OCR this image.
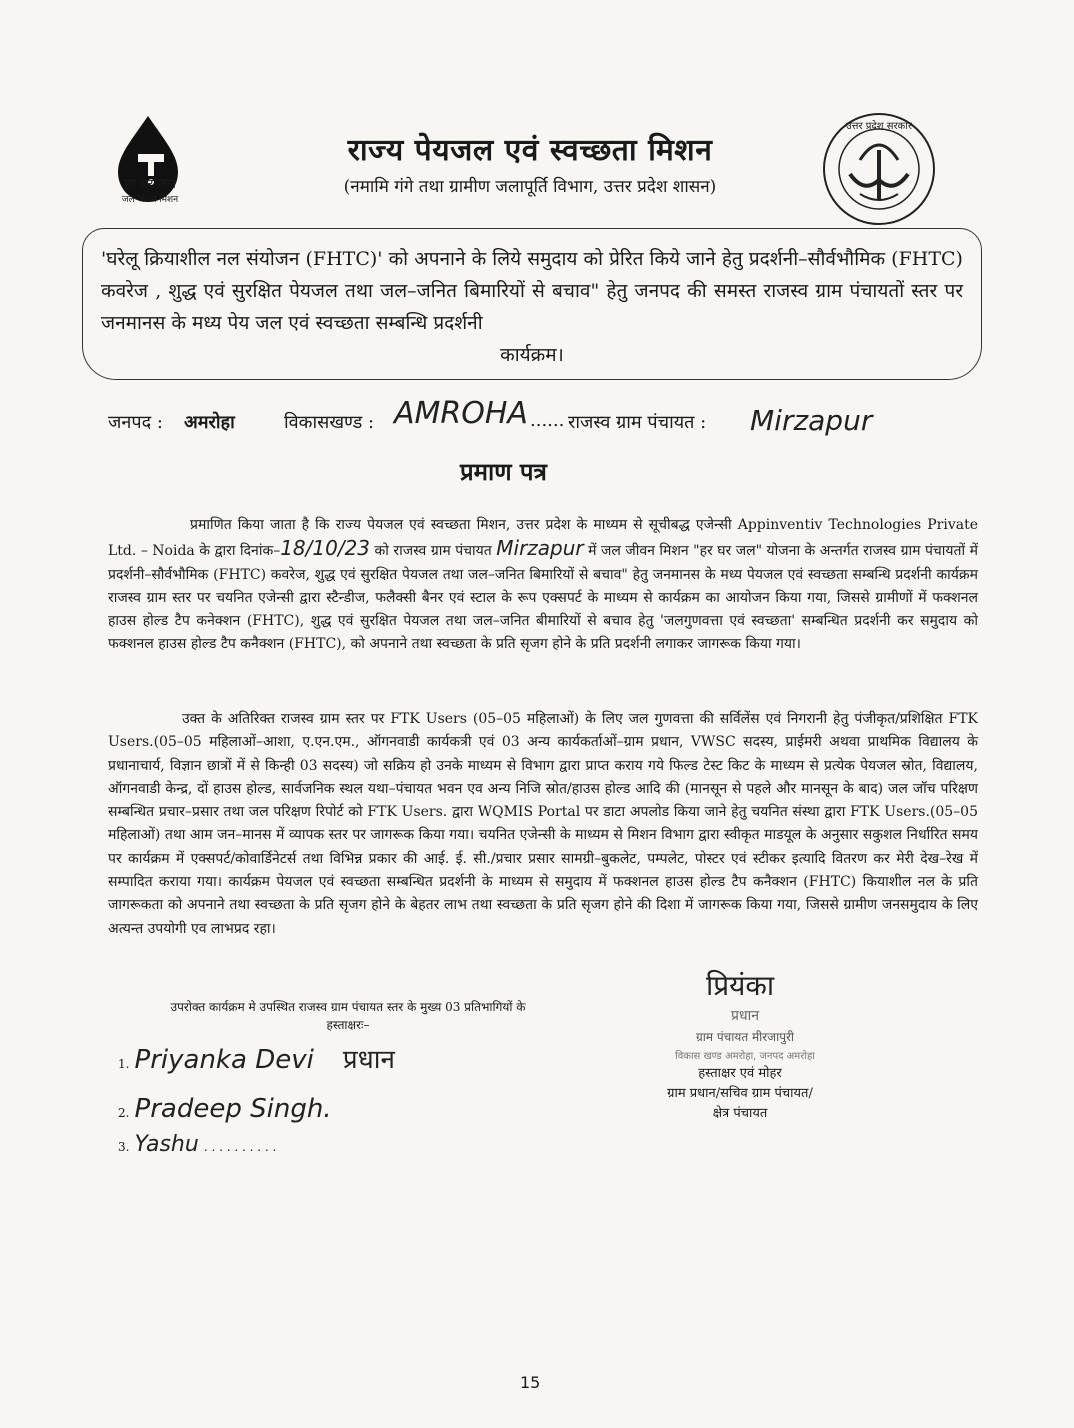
हर घर जल
जल जीवन मिशन
राज्य पेयजल एवं स्वच्छता मिशन
(नमामि गंगे तथा ग्रामीण जलापूर्ति विभाग, उत्तर प्रदेश शासन)
उत्तर प्रदेश सरकार
'घरेलू क्रियाशील नल संयोजन (FHTC)' को अपनाने के लिये समुदाय को प्रेरित किये जाने हेतु प्रदर्शनी–सौर्वभौमिक (FHTC) कवरेज , शुद्ध एवं सुरक्षित पेयजल तथा जल–जनित बिमारियों से बचाव" हेतु जनपद की समस्त राजस्व ग्राम पंचायतों स्तर पर जनमानस के मध्य पेय जल एवं स्वच्छता सम्बन्धि प्रदर्शनी
कार्यक्रम।
जनपद : अमरोहा	विकासखण्ड : AMROHA ...... राजस्व ग्राम पंचायत : Mirzapur
प्रमाण पत्र
प्रमाणित किया जाता है कि राज्य पेयजल एवं स्वच्छता मिशन, उत्तर प्रदेश के माध्यम से सूचीबद्ध एजेन्सी Appinventiv Technologies Private Ltd. – Noida के द्वारा दिनांक–18/10/23 को राजस्व ग्राम पंचायत Mirzapur में जल जीवन मिशन "हर घर जल" योजना के अन्तर्गत राजस्व ग्राम पंचायतों में प्रदर्शनी–सौर्वभौमिक (FHTC) कवरेज, शुद्ध एवं सुरक्षित पेयजल तथा जल–जनित बिमारियों से बचाव" हेतु जनमानस के मध्य पेयजल एवं स्वच्छता सम्बन्धि प्रदर्शनी कार्यक्रम राजस्व ग्राम स्तर पर चयनित एजेन्सी द्वारा स्टैन्डीज, फलैक्सी बैनर एवं स्टाल के रूप एक्सपर्ट के माध्यम से कार्यक्रम का आयोजन किया गया, जिससे ग्रामीणों में फक्शनल हाउस होल्ड टैप कनेक्शन (FHTC), शुद्ध एवं सुरक्षित पेयजल तथा जल–जनित बीमारियों से बचाव हेतु 'जलगुणवत्ता एवं स्वच्छता' सम्बन्धित प्रदर्शनी कर समुदाय को फक्शनल हाउस होल्ड टैप कनैक्शन (FHTC), को अपनाने तथा स्वच्छता के प्रति सृजग होने के प्रति प्रदर्शनी लगाकर जागरूक किया गया।
उक्त के अतिरिक्त राजस्व ग्राम स्तर पर FTK Users (05–05 महिलाओं) के लिए जल गुणवत्ता की सर्विलेंस एवं निगरानी हेतु पंजीकृत/प्रशिक्षित FTK Users.(05–05 महिलाओं–आशा, ए.एन.एम., ऑगनवाडी कार्यकत्री एवं 03 अन्य कार्यकर्ताओं–ग्राम प्रधान, VWSC सदस्य, प्राईमरी अथवा प्राथमिक विद्यालय के प्रधानाचार्य, विज्ञान छात्रों में से किन्ही 03 सदस्य) जो सक्रिय हो उनके माध्यम से विभाग द्वारा प्राप्त कराय गये फिल्ड टेस्ट किट के माध्यम से प्रत्येक पेयजल स्रोत, विद्यालय, ऑगनवाडी केन्द्र, दों हाउस होल्ड, सार्वजनिक स्थल यथा–पंचायत भवन एव अन्य निजि स्रोत/हाउस होल्ड आदि की (मानसून से पहले और मानसून के बाद) जल जॉच परिक्षण सम्बन्धित प्रचार–प्रसार तथा जल परिक्षण रिपोर्ट को FTK Users. द्वारा WQMIS Portal पर डाटा अपलोड किया जाने हेतु चयनित संस्था द्वारा FTK Users.(05–05 महिलाओं) तथा आम जन–मानस में व्यापक स्तर पर जागरूक किया गया। चयनित एजेन्सी के माध्यम से मिशन विभाग द्वारा स्वीकृत माडयूल के अनुसार सकुशल निर्धारित समय पर कार्यक्रम में एक्सपर्ट/कोवार्डिनेटर्स तथा विभिन्न प्रकार की आई. ई. सी./प्रचार प्रसार सामग्री–बुकलेट, पम्पलेट, पोस्टर एवं स्टीकर इत्यादि वितरण कर मेरी देख–रेख में सम्पादित कराया गया। कार्यक्रम पेयजल एवं स्वच्छता सम्बन्धित प्रदर्शनी के माध्यम से समुदाय में फक्शनल हाउस होल्ड टैप कनैक्शन (FHTC) कियाशील नल के प्रति जागरूकता को अपनाने तथा स्वच्छता के प्रति सृजग होने के बेहतर लाभ तथा स्वच्छता के प्रति सृजग होने की दिशा में जागरूक किया गया, जिससे ग्रामीण जनसमुदाय के लिए अत्यन्त उपयोगी एव लाभप्रद रहा।
उपरोक्त कार्यक्रम मे उपस्थित राजस्व ग्राम पंचायत स्तर के मुख्य 03 प्रतिभागियों के
हस्ताक्षरः–
1. Priyanka Devi प्रधान
2. Pradeep Singh.
3. Yashu . . . . . . . . . .
प्रियंका
प्रधान
ग्राम पंचायत मीरजापुरी
विकास खण्ड अमरोहा, जनपद अमरोहा
हस्ताक्षर एवं मोहर
ग्राम प्रधान/सचिव ग्राम पंचायत/
क्षेत्र पंचायत
15
